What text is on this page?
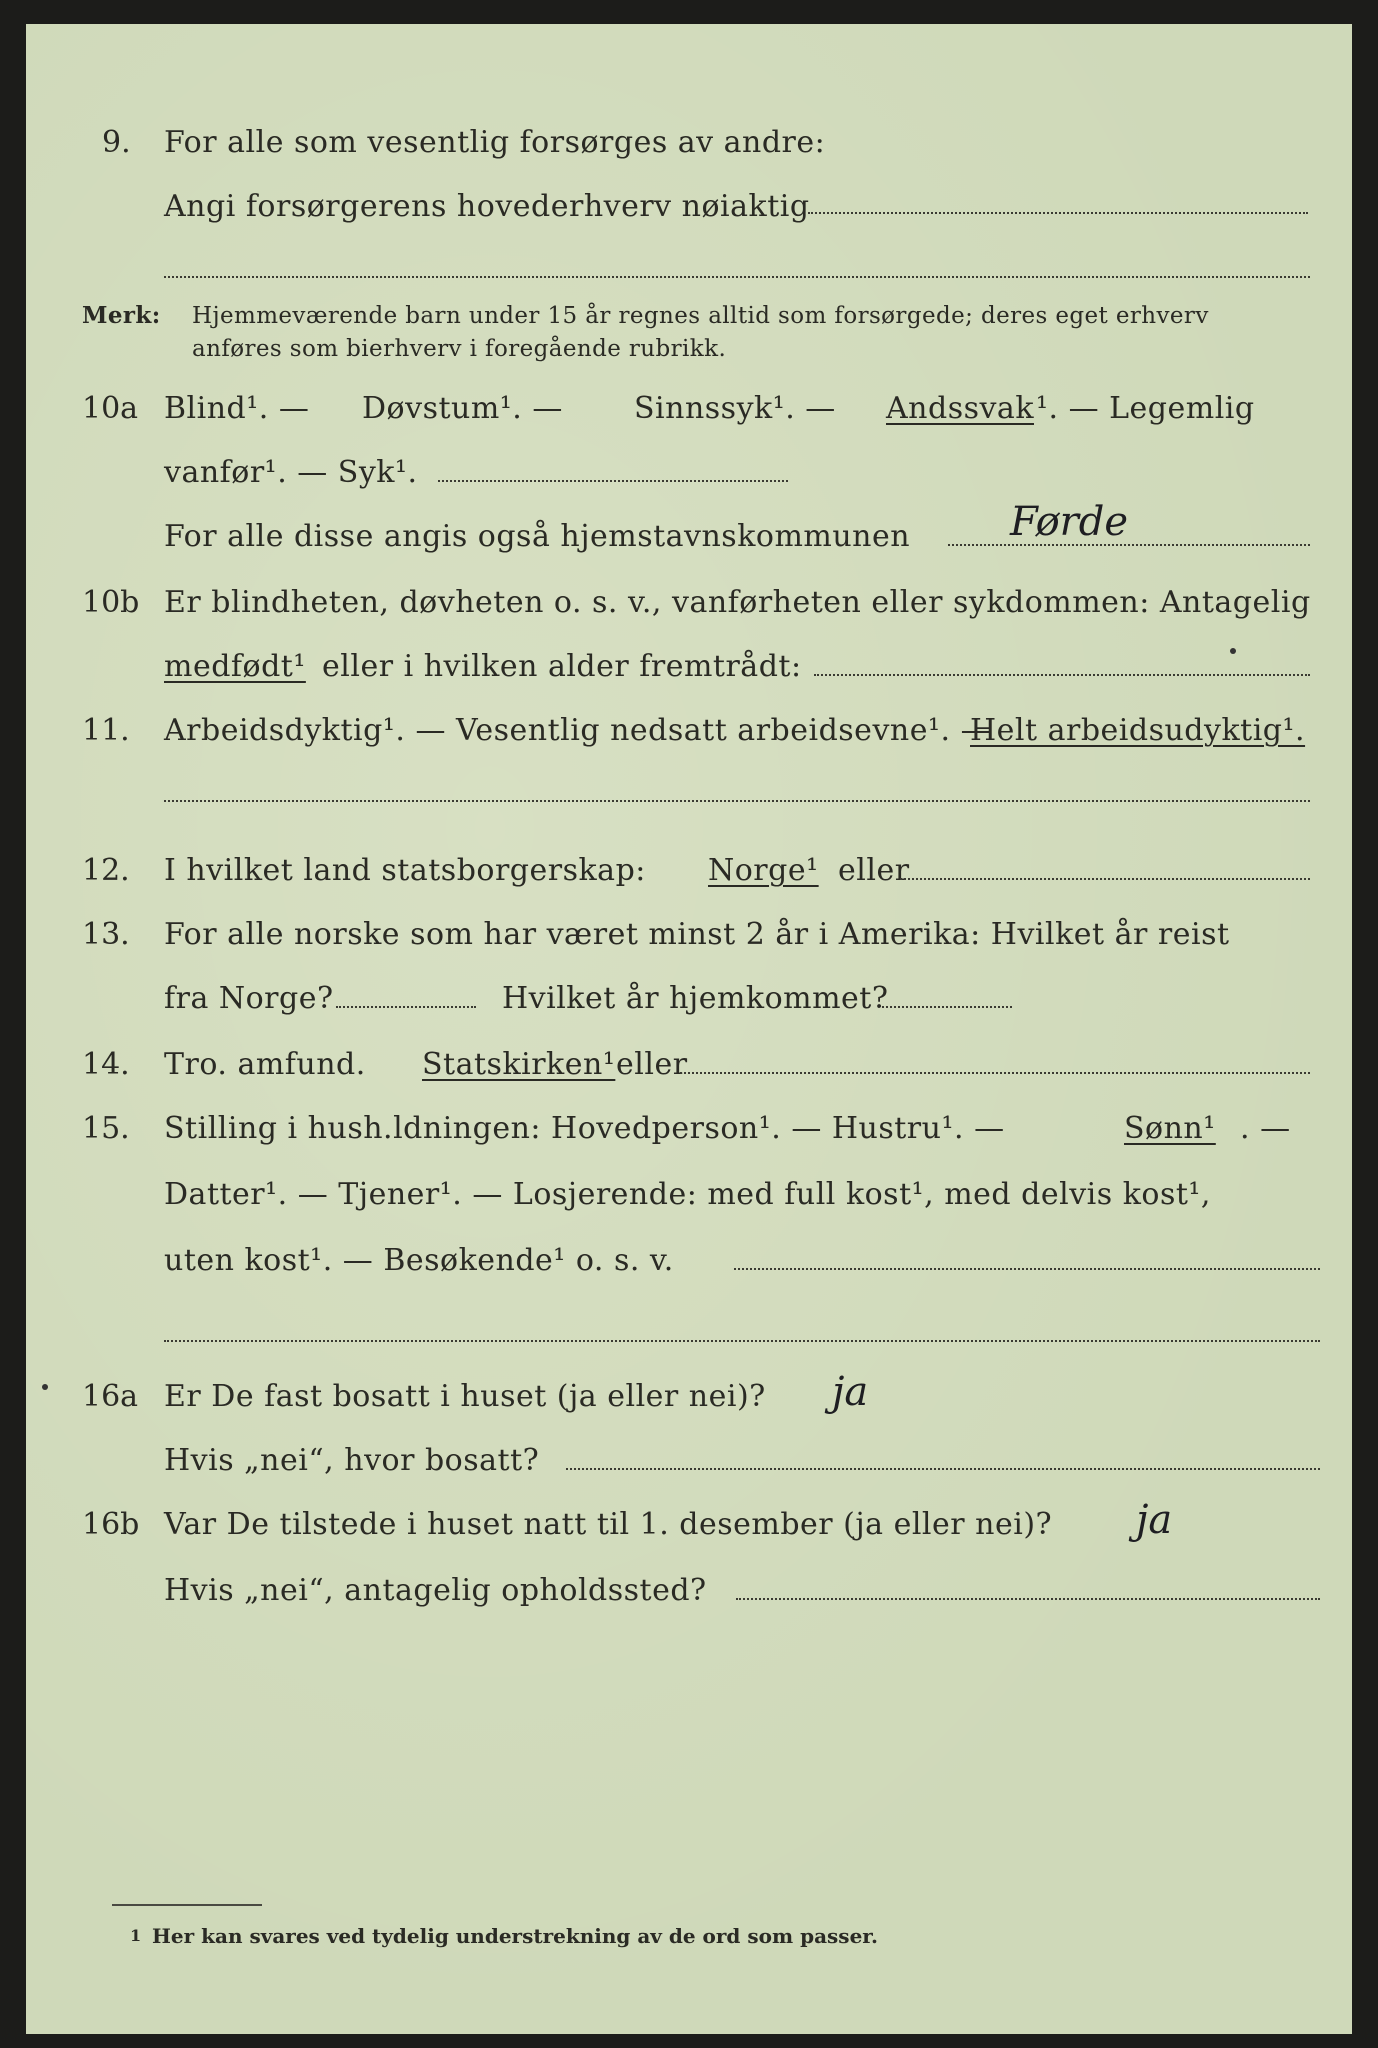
9. For alle som vesentlig forsørges av andre:
Angi forsørgerens hovederhverv nøiaktig
Merk: Hjemmeværende barn under 15 år regnes alltid som forsørgede; deres eget erhverv
anføres som bierhverv i foregående rubrikk.
10a Blind¹. — Døvstum¹. — Sinnssyk¹. — Andssvak ¹. — Legemlig
vanfør¹. — Syk¹.
For alle disse angis også hjemstavnskommunen Førde
10b Er blindheten, døvheten o. s. v., vanførheten eller sykdommen: Antagelig
medfødt¹ eller i hvilken alder fremtrådt:
11. Arbeidsdyktig¹. — Vesentlig nedsatt arbeidsevne¹. —
Helt arbeidsudyktig¹.
12. I hvilket land statsborgerskap: Norge¹ eller
13. For alle norske som har været minst 2 år i Amerika: Hvilket år reist
fra Norge?	Hvilket år hjemkommet?
14. Tro. amfund. Statskirken¹ eller
15. Stilling i hush.ldningen: Hovedperson¹. — Hustru¹. —	Sønn¹ . —
Datter¹. — Tjener¹. — Losjerende: med full kost¹, med delvis kost¹,
uten kost¹. — Besøkende¹ o. s. v.
16a Er De fast bosatt i huset (ja eller nei)? ja
Hvis „nei“, hvor bosatt?
16b Var De tilstede i huset natt til 1. desember (ja eller nei)? ja
Hvis „nei“, antagelig opholdssted?
1 Her kan svares ved tydelig understrekning av de ord som passer.
